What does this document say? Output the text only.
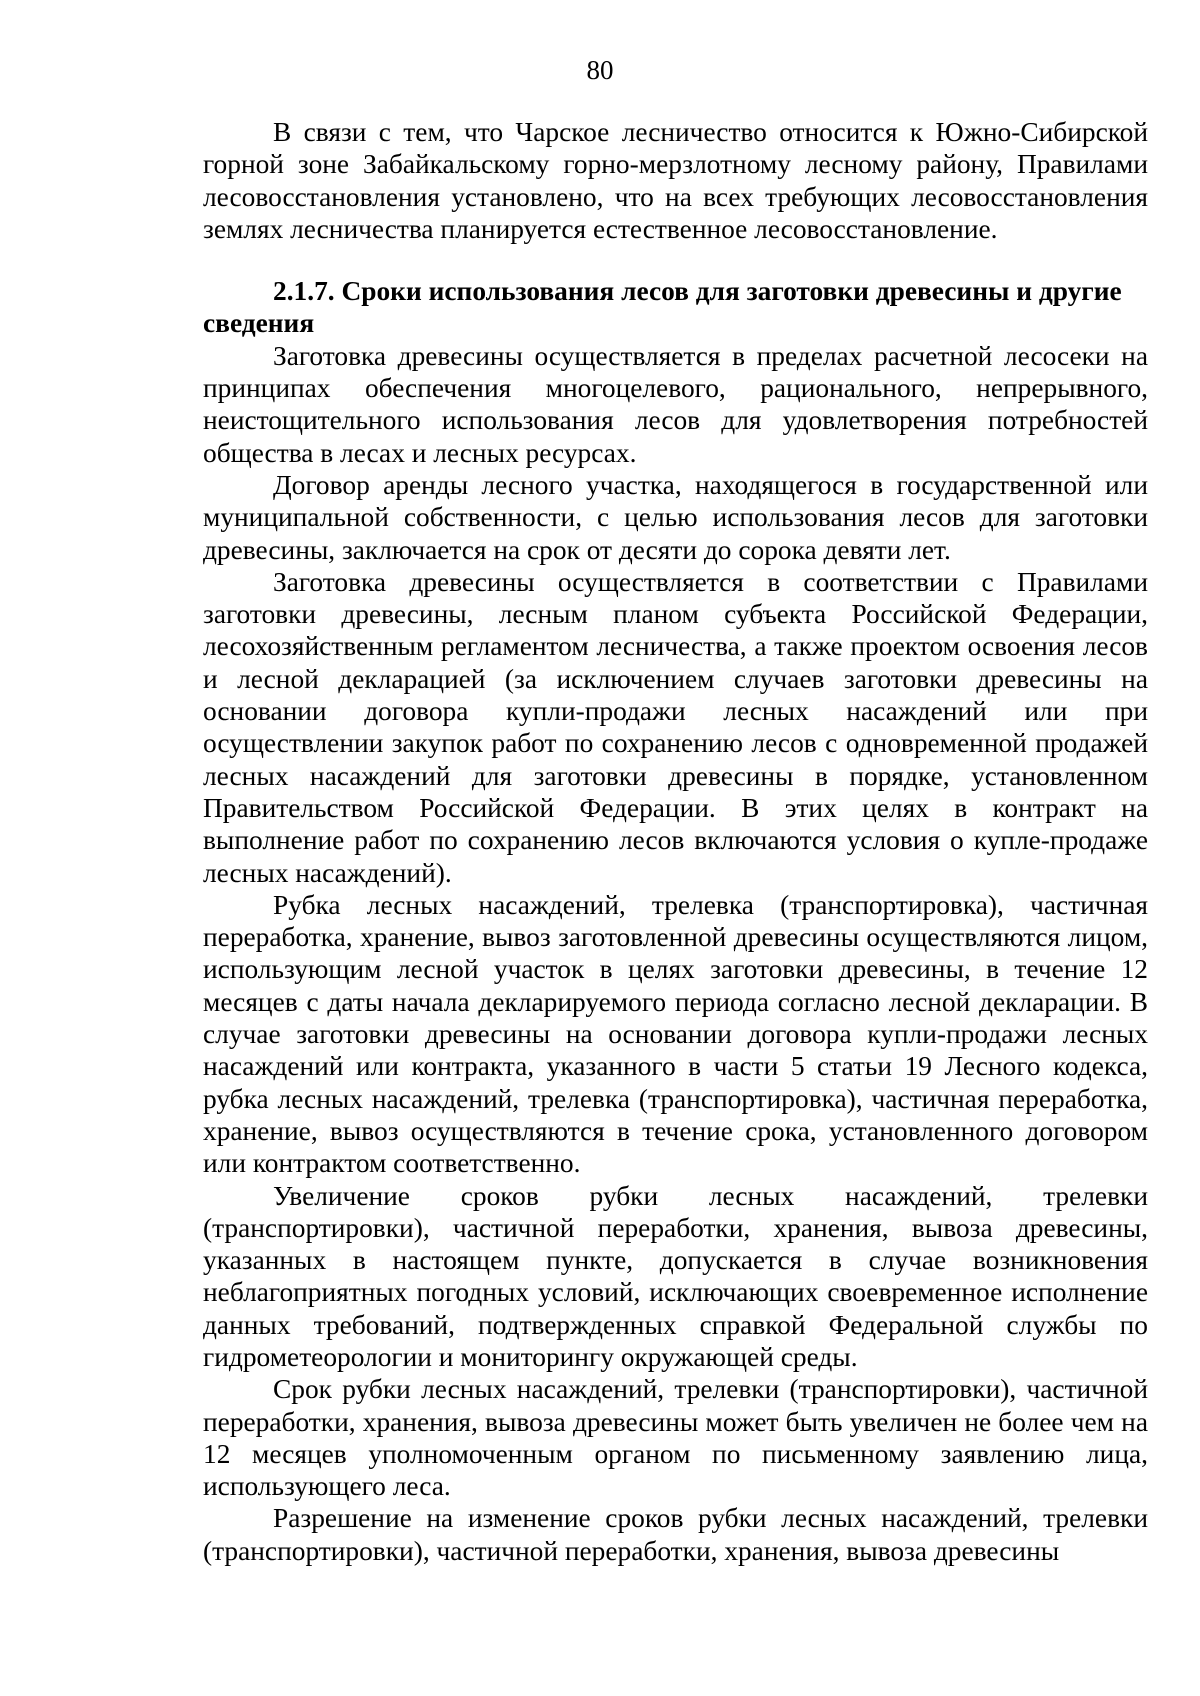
80

В связи с тем, что Чарское лесничество относится к Южно-Сибирской горной зоне Забайкальскому горно-мерзлотному лесному району, Правилами лесовосстановления установлено, что на всех требующих лесовосстановления землях лесничества планируется естественное лесовосстановление.

2.1.7. Сроки использования лесов для заготовки древесины и другие сведения

Заготовка древесины осуществляется в пределах расчетной лесосеки на принципах обеспечения многоцелевого, рационального, непрерывного, неистощительного использования лесов для удовлетворения потребностей общества в лесах и лесных ресурсах.

Договор аренды лесного участка, находящегося в государственной или муниципальной собственности, с целью использования лесов для заготовки древесины, заключается на срок от десяти до сорока девяти лет.

Заготовка древесины осуществляется в соответствии с Правилами заготовки древесины, лесным планом субъекта Российской Федерации, лесохозяйственным регламентом лесничества, а также проектом освоения лесов и лесной декларацией (за исключением случаев заготовки древесины на основании договора купли-продажи лесных насаждений или при осуществлении закупок работ по сохранению лесов с одновременной продажей лесных насаждений для заготовки древесины в порядке, установленном Правительством Российской Федерации. В этих целях в контракт на выполнение работ по сохранению лесов включаются условия о купле-продаже лесных насаждений).

Рубка лесных насаждений, трелевка (транспортировка), частичная переработка, хранение, вывоз заготовленной древесины осуществляются лицом, использующим лесной участок в целях заготовки древесины, в течение 12 месяцев с даты начала декларируемого периода согласно лесной декларации. В случае заготовки древесины на основании договора купли-продажи лесных насаждений или контракта, указанного в части 5 статьи 19 Лесного кодекса, рубка лесных насаждений, трелевка (транспортировка), частичная переработка, хранение, вывоз осуществляются в течение срока, установленного договором или контрактом соответственно.

Увеличение сроков рубки лесных насаждений, трелевки (транспортировки), частичной переработки, хранения, вывоза древесины, указанных в настоящем пункте, допускается в случае возникновения неблагоприятных погодных условий, исключающих своевременное исполнение данных требований, подтвержденных справкой Федеральной службы по гидрометеорологии и мониторингу окружающей среды.

Срок рубки лесных насаждений, трелевки (транспортировки), частичной переработки, хранения, вывоза древесины может быть увеличен не более чем на 12 месяцев уполномоченным органом по письменному заявлению лица, использующего леса.

Разрешение на изменение сроков рубки лесных насаждений, трелевки (транспортировки), частичной переработки, хранения, вывоза древесины
